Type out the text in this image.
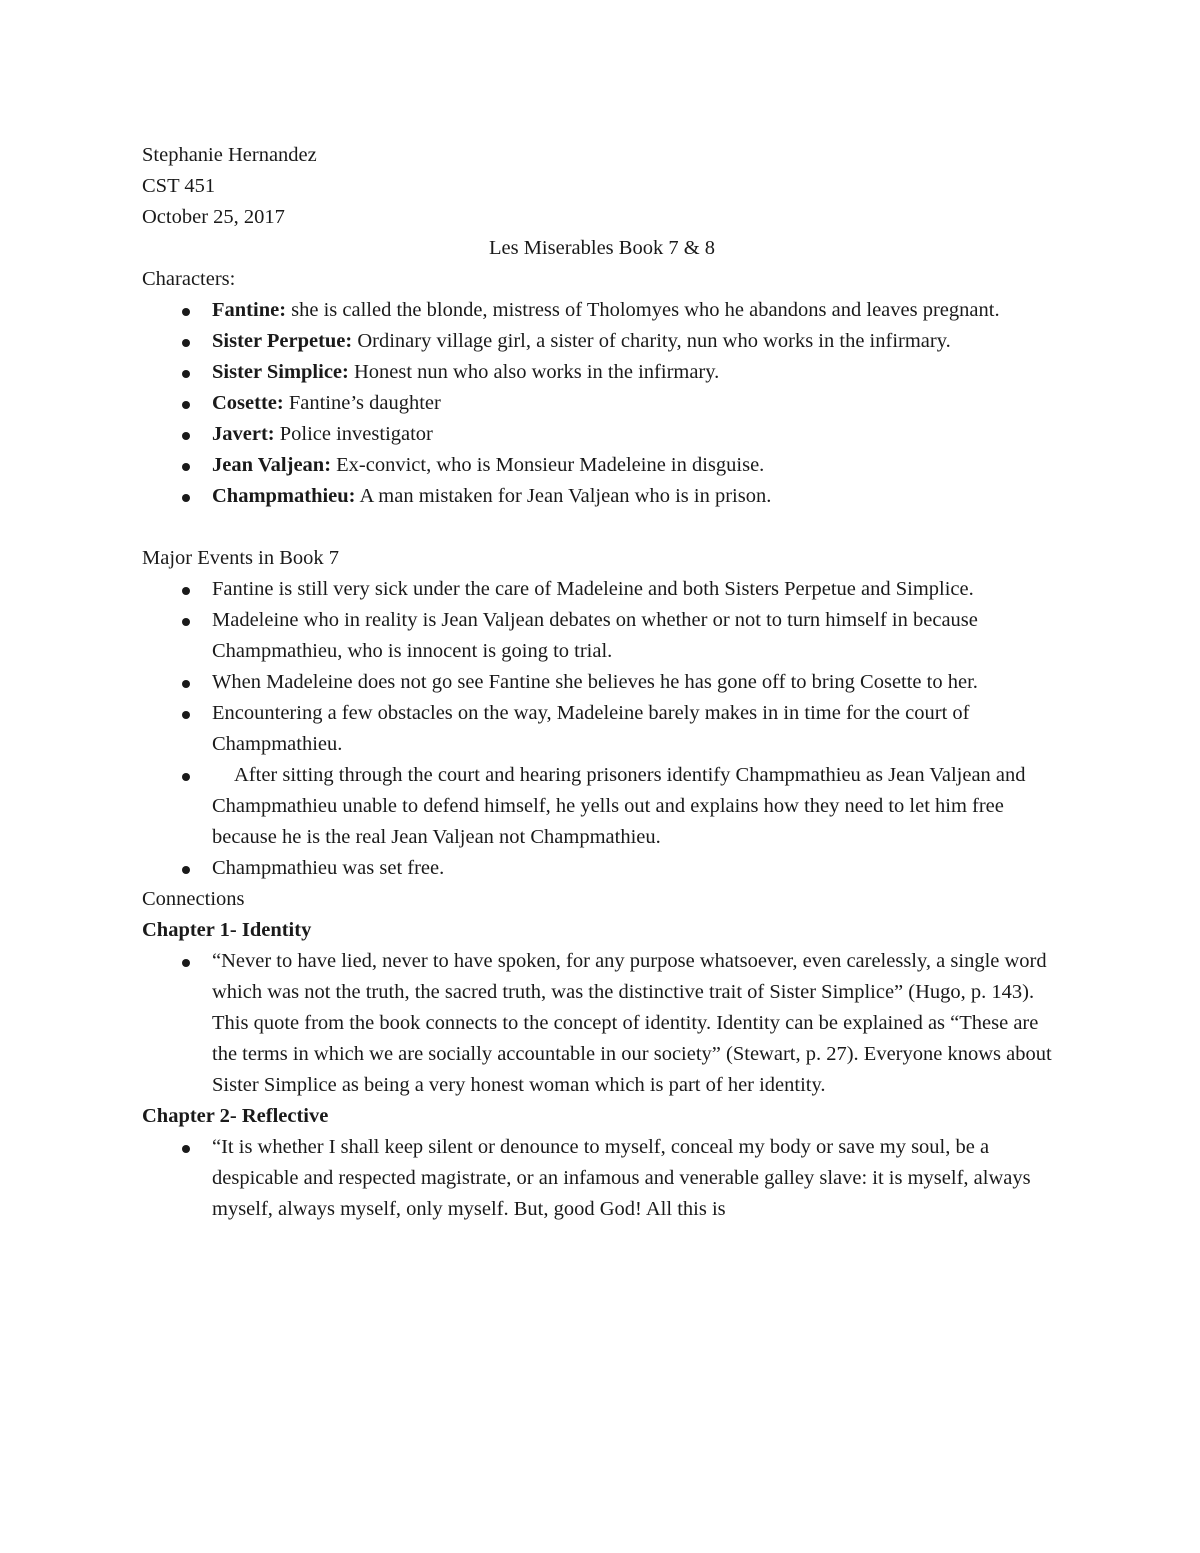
Stephanie Hernandez
CST 451
October 25, 2017
Les Miserables Book 7 & 8
Characters:
Fantine: she is called the blonde, mistress of Tholomyes who he abandons and leaves pregnant.
Sister Perpetue: Ordinary village girl, a sister of charity, nun who works in the infirmary.
Sister Simplice: Honest nun who also works in the infirmary.
Cosette: Fantine’s daughter
Javert: Police investigator
Jean Valjean: Ex-convict, who is Monsieur Madeleine in disguise.
Champmathieu: A man mistaken for Jean Valjean who is in prison.
Major Events in Book 7
Fantine is still very sick under the care of Madeleine and both Sisters Perpetue and Simplice.
Madeleine who in reality is Jean Valjean debates on whether or not to turn himself in because Champmathieu, who is innocent is going to trial.
When Madeleine does not go see Fantine she believes he has gone off to bring Cosette to her.
Encountering a few obstacles on the way, Madeleine barely makes in in time for the court of Champmathieu.
After sitting through the court and hearing prisoners identify Champmathieu as Jean Valjean and Champmathieu unable to defend himself, he yells out and explains how they need to let him free because he is the real Jean Valjean not Champmathieu.
Champmathieu was set free.
Connections
Chapter 1- Identity
“Never to have lied, never to have spoken, for any purpose whatsoever, even carelessly, a single word which was not the truth, the sacred truth, was the distinctive trait of Sister Simplice” (Hugo, p. 143). This quote from the book connects to the concept of identity. Identity can be explained as “These are the terms in which we are socially accountable in our society” (Stewart, p. 27). Everyone knows about Sister Simplice as being a very honest woman which is part of her identity.
Chapter 2- Reflective
“It is whether I shall keep silent or denounce to myself, conceal my body or save my soul, be a despicable and respected magistrate, or an infamous and venerable galley slave: it is myself, always myself, always myself, only myself. But, good God! All this is
